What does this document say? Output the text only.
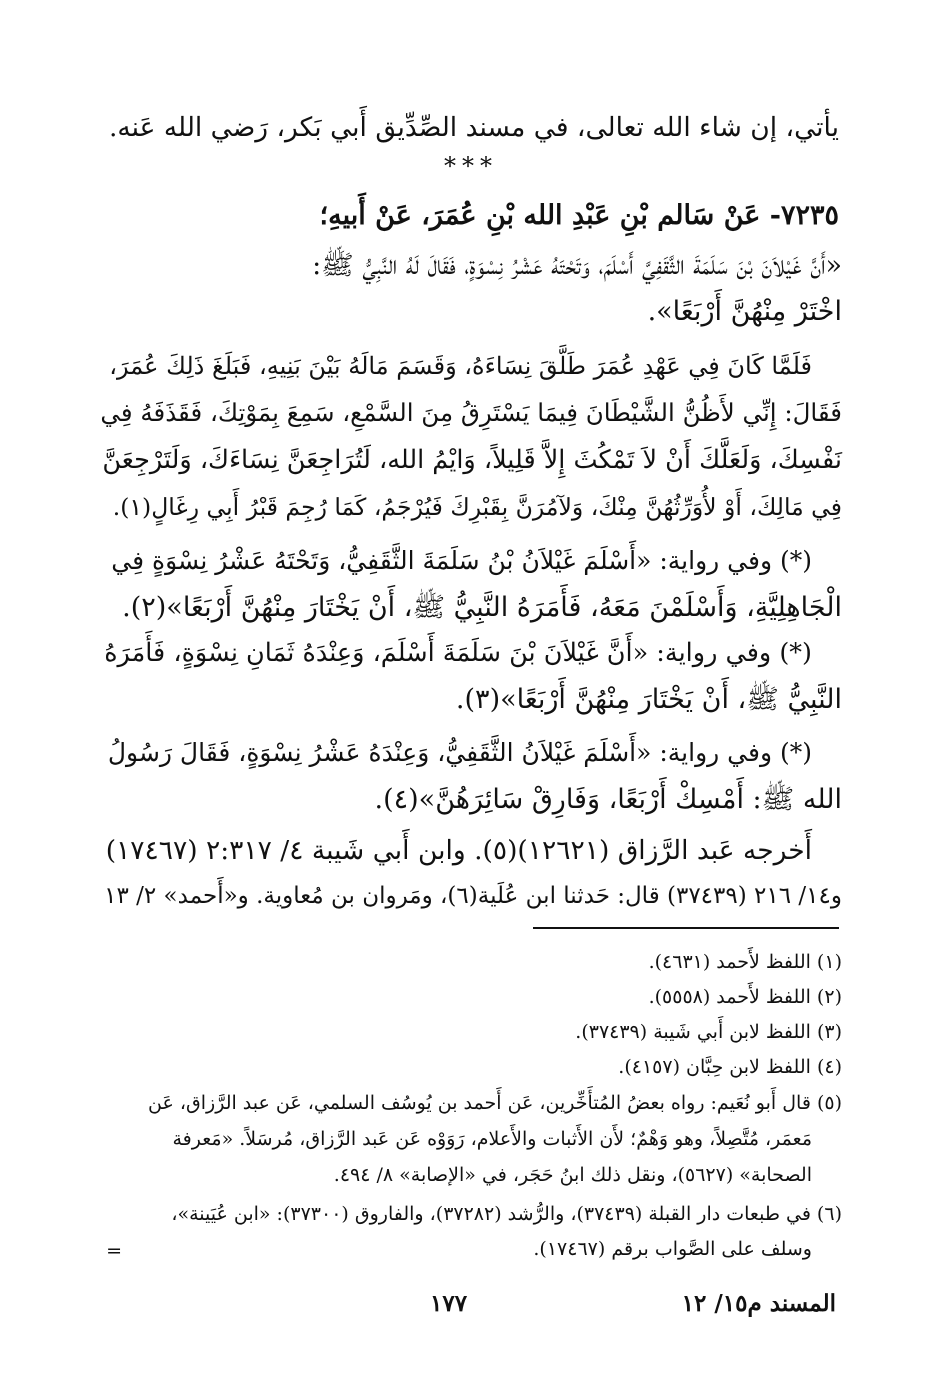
يأتي، إن شاء الله تعالى، في مسند الصِّدِّيق أَبي بَكر، رَضي الله عَنه.
***
٧٢٣٥- عَنْ سَالم بْنِ عَبْدِ الله بْنِ عُمَرَ، عَنْ أَبيهِ؛
«أَنَّ غَيْلاَنَ بْنَ سَلَمَةَ الثَّقَفِيَّ أَسْلَمَ، وَتَحْتَهُ عَشْرُ نِسْوَةٍ، فَقَالَ لَهُ النَّبِيُّ ﷺ:
اخْتَرْ مِنْهُنَّ أَرْبَعًا».
فَلَمَّا كَانَ فِي عَهْدِ عُمَرَ طَلَّقَ نِسَاءَهُ، وَقَسَمَ مَالَهُ بَيْنَ بَنِيهِ، فَبَلَغَ ذَلِكَ عُمَرَ،
فَقَالَ: إِنِّي لأَظُنُّ الشَّيْطَانَ فِيمَا يَسْتَرِقُ مِنَ السَّمْعِ، سَمِعَ بِمَوْتِكَ، فَقَذَفَهُ فِي
نَفْسِكَ، وَلَعَلَّكَ أَنْ لاَ تَمْكُثَ إِلاَّ قَلِيلاً، وَايْمُ الله، لَتُرَاجِعَنَّ نِسَاءَكَ، وَلَتَرْجِعَنَّ
فِي مَالِكَ، أَوْ لأُوَرِّثُهُنَّ مِنْكَ، وَلآمُرَنَّ بِقَبْرِكَ فَيُرْجَمُ، كَمَا رُجِمَ قَبْرُ أَبِي رِغَالٍ(١).
(*) وفي رواية: «أَسْلَمَ غَيْلاَنُ بْنُ سَلَمَةَ الثَّقَفِيُّ، وَتَحْتَهُ عَشْرُ نِسْوَةٍ فِي
الْجَاهِلِيَّةِ، وَأَسْلَمْنَ مَعَهُ، فَأَمَرَهُ النَّبِيُّ ﷺ، أَنْ يَخْتَارَ مِنْهُنَّ أَرْبَعًا»(٢).
(*) وفي رواية: «أَنَّ غَيْلاَنَ بْنَ سَلَمَةَ أَسْلَمَ، وَعِنْدَهُ ثَمَانِ نِسْوَةٍ، فَأَمَرَهُ
النَّبِيُّ ﷺ، أَنْ يَخْتَارَ مِنْهُنَّ أَرْبَعًا»(٣).
(*) وفي رواية: «أَسْلَمَ غَيْلاَنُ الثَّقَفِيُّ، وَعِنْدَهُ عَشْرُ نِسْوَةٍ، فَقَالَ رَسُولُ
الله ﷺ: أَمْسِكْ أَرْبَعًا، وَفَارِقْ سَائِرَهُنَّ»(٤).
أَخرجه عَبد الرَّزاق (١٢٦٢١)(٥). وابن أَبي شَيبة ٤/ ٢:٣١٧ (١٧٤٦٧)
و١٤/ ٢١٦ (٣٧٤٣٩) قال: حَدثنا ابن عُلَية(٦)، ومَروان بن مُعاوية. و«أَحمد» ٢/ ١٣
(١) اللفظ لأَحمد (٤٦٣١).
(٢) اللفظ لأَحمد (٥٥٥٨).
(٣) اللفظ لابن أَبي شَيبة (٣٧٤٣٩).
(٤) اللفظ لابن حِبَّان (٤١٥٧).
(٥) قال أَبو نُعَيم: رواه بعضُ المُتأَخِّرين، عَن أَحمد بن يُوسُف السلمي، عَن عبد الرَّزاق، عَن
مَعمَر، مُتَّصِلاً، وهو وَهْمٌ؛ لأَن الأَثبات والأَعلام، رَوَوْه عَن عَبد الرَّزاق، مُرسَلاً. «مَعرفة
الصحابة» (٥٦٢٧)، ونقل ذلك ابنُ حَجَر، في «الإصابة» ٨/ ٤٩٤.
(٦) في طبعات دار القبلة (٣٧٤٣٩)، والرُّشد (٣٧٢٨٢)، والفاروق (٣٧٣٠٠): «ابن عُيَينة»،
وسلف على الصَّواب برقم (١٧٤٦٧).
=
١٧٧	المسند م١٥/ ١٢
